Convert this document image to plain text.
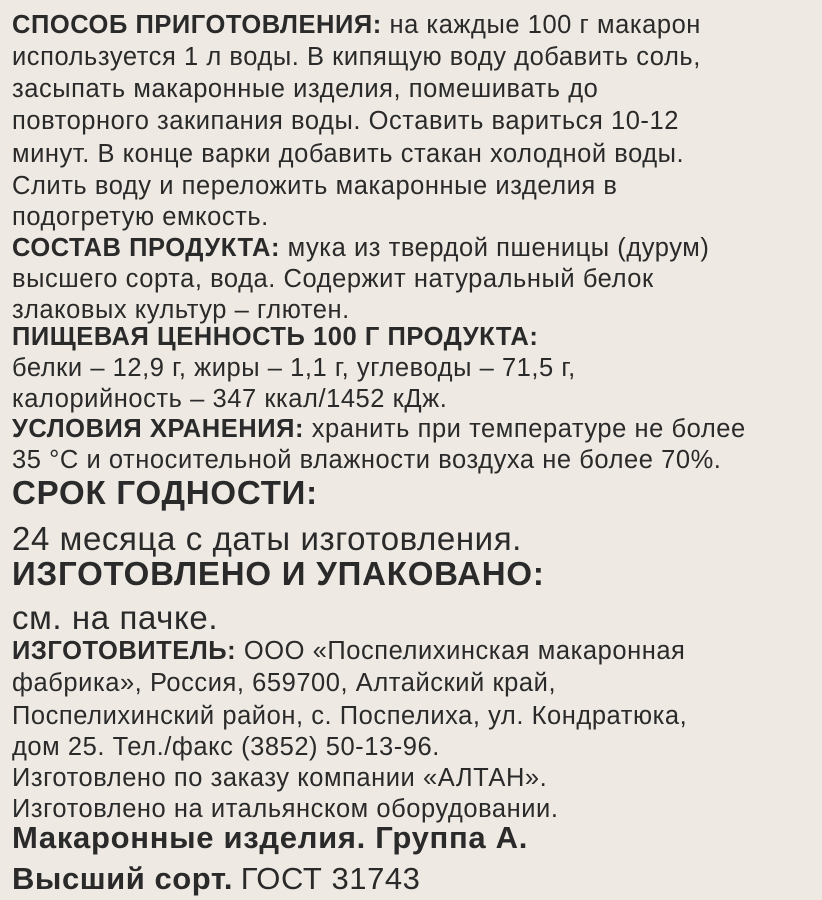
СПОСОБ ПРИГОТОВЛЕНИЯ: на каждые 100 г макарон
используется 1 л воды. В кипящую воду добавить соль,
засыпать макаронные изделия, помешивать до
повторного закипания воды. Оставить вариться 10-12
минут. В конце варки добавить стакан холодной воды.
Слить воду и переложить макаронные изделия в
подогретую емкость.
СОСТАВ ПРОДУКТА: мука из твердой пшеницы (дурум)
высшего сорта, вода. Содержит натуральный белок
злаковых культур – глютен.
ПИЩЕВАЯ ЦЕННОСТЬ 100 Г ПРОДУКТА:
белки – 12,9 г, жиры – 1,1 г, углеводы – 71,5 г,
калорийность – 347 ккал/1452 кДж.
УСЛОВИЯ ХРАНЕНИЯ: хранить при температуре не более
35 °С и относительной влажности воздуха не более 70%.
СРОК ГОДНОСТИ:
24 месяца с даты изготовления.
ИЗГОТОВЛЕНО И УПАКОВАНО:
см. на пачке.
ИЗГОТОВИТЕЛЬ: ООО «Поспелихинская макаронная
фабрика», Россия, 659700, Алтайский край,
Поспелихинский район, с. Поспелиха, ул. Кондратюка,
дом 25. Тел./факс (3852) 50-13-96.
Изготовлено по заказу компании «АЛТАН».
Изготовлено на итальянском оборудовании.
Макаронные изделия. Группа А.
Высший сорт. ГОСТ 31743
